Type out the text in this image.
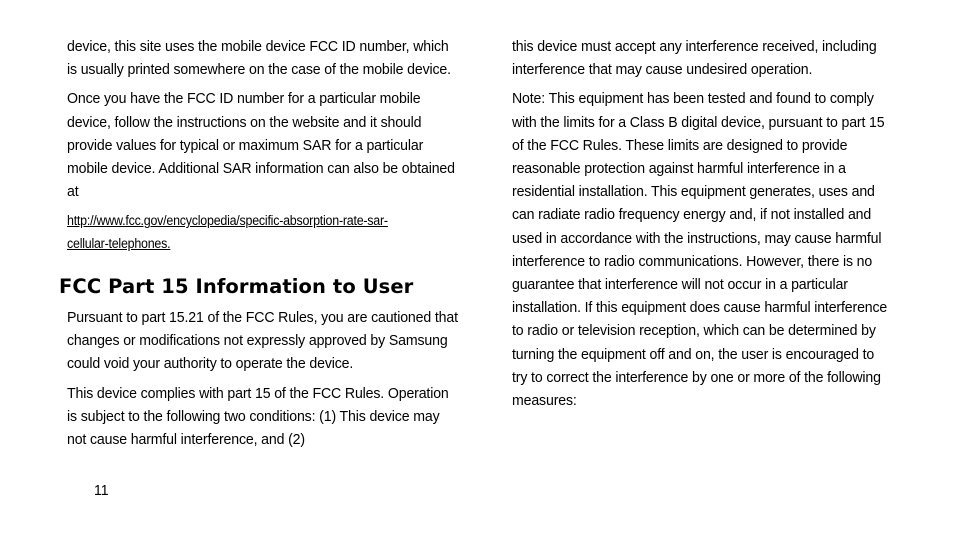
device, this site uses the mobile device FCC ID number, which is usually printed somewhere on the case of the mobile device.

Once you have the FCC ID number for a particular mobile device, follow the instructions on the website and it should provide values for typical or maximum SAR for a particular mobile device. Additional SAR information can also be obtained at

http://www.fcc.gov/encyclopedia/specific-absorption-rate-sar-
cellular-telephones.
FCC Part 15 Information to User

Pursuant to part 15.21 of the FCC Rules, you are cautioned that changes or modifications not expressly approved by Samsung could void your authority to operate the device.

This device complies with part 15 of the FCC Rules. Operation is subject to the following two conditions: (1) This device may not cause harmful interference, and (2)

this device must accept any interference received, including interference that may cause undesired operation.

Note: This equipment has been tested and found to comply with the limits for a Class B digital device, pursuant to part 15 of the FCC Rules. These limits are designed to provide reasonable protection against harmful interference in a residential installation. This equipment generates, uses and can radiate radio frequency energy and, if not installed and used in accordance with the instructions, may cause harmful interference to radio communications. However, there is no guarantee that interference will not occur in a particular installation. If this equipment does cause harmful interference to radio or television reception, which can be determined by turning the equipment off and on, the user is encouraged to try to correct the interference by one or more of the following measures:

11
